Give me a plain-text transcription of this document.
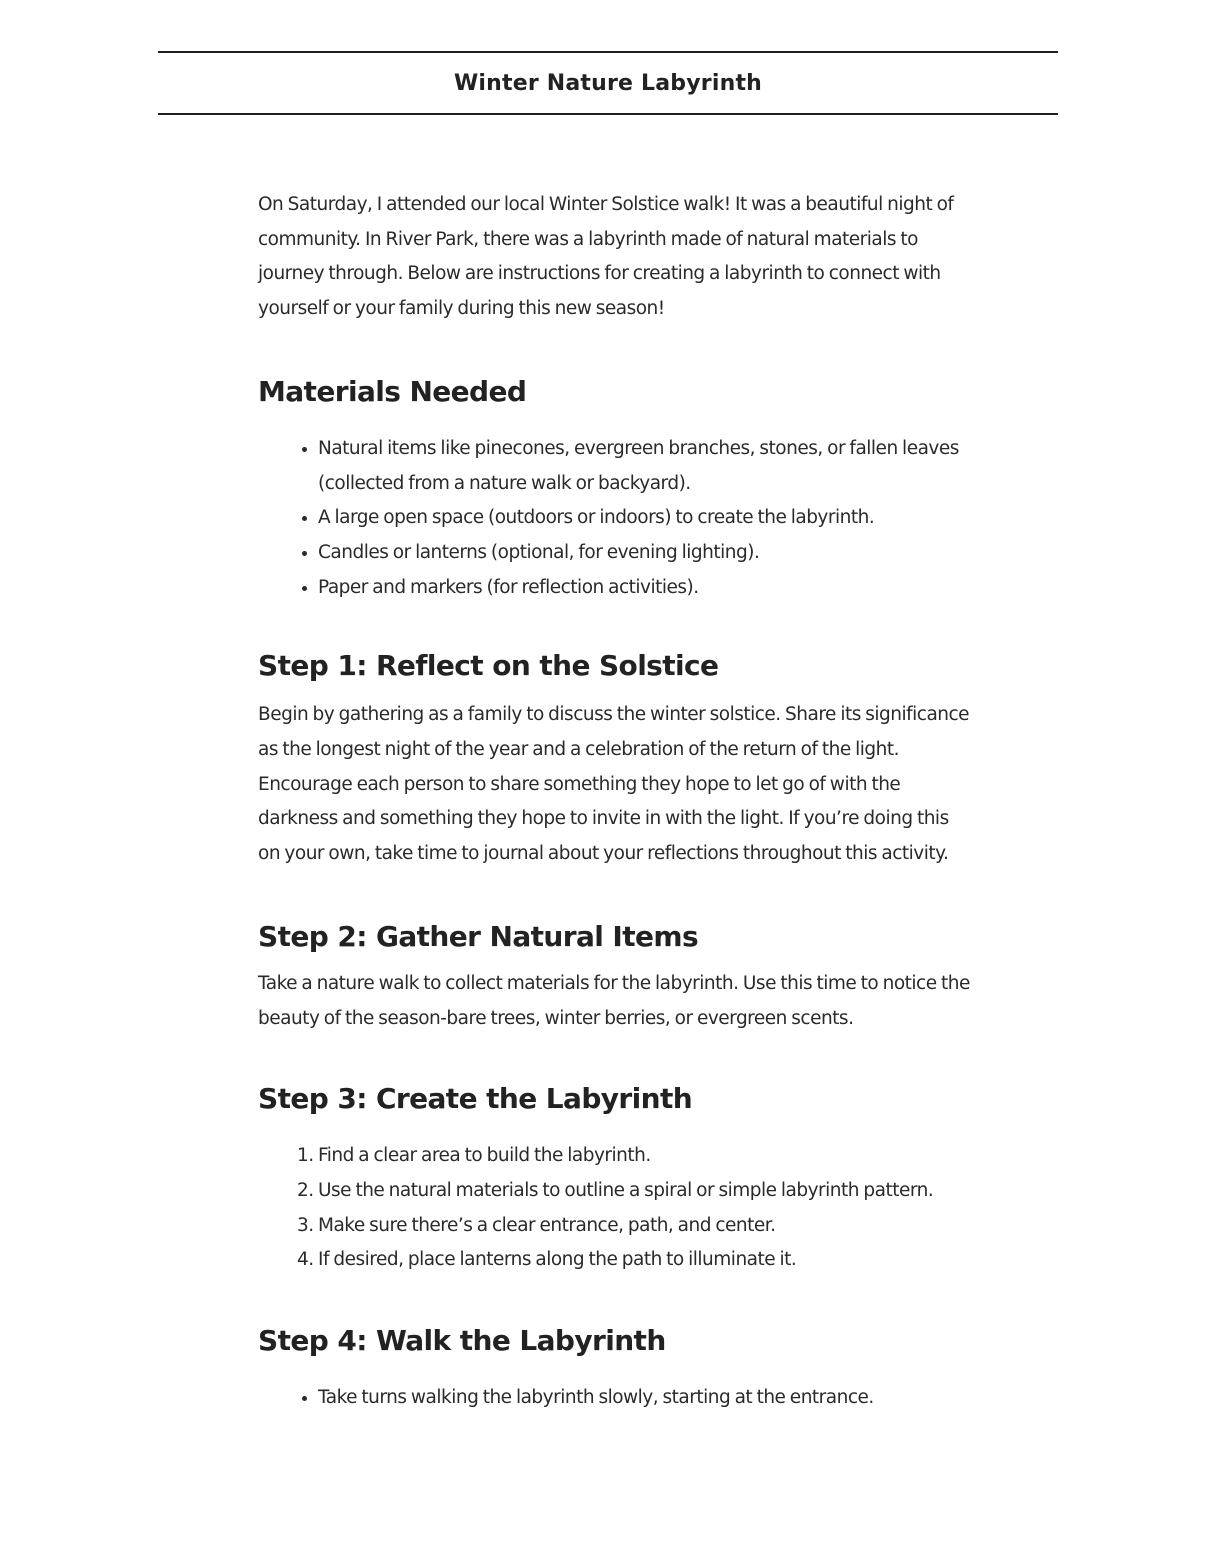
Winter Nature Labyrinth

On Saturday, I attended our local Winter Solstice walk! It was a beautiful night of community. In River Park, there was a labyrinth made of natural materials to journey through. Below are instructions for creating a labyrinth to connect with yourself or your family during this new season!

Materials Needed
• Natural items like pinecones, evergreen branches, stones, or fallen leaves (collected from a nature walk or backyard).
• A large open space (outdoors or indoors) to create the labyrinth.
• Candles or lanterns (optional, for evening lighting).
• Paper and markers (for reflection activities).
Step 1: Reflect on the Solstice

Begin by gathering as a family to discuss the winter solstice. Share its significance as the longest night of the year and a celebration of the return of the light. Encourage each person to share something they hope to let go of with the darkness and something they hope to invite in with the light. If you’re doing this on your own, take time to journal about your reflections throughout this activity.

Step 2: Gather Natural Items

Take a nature walk to collect materials for the labyrinth. Use this time to notice the beauty of the season-bare trees, winter berries, or evergreen scents.

Step 3: Create the Labyrinth
1. Find a clear area to build the labyrinth.
2. Use the natural materials to outline a spiral or simple labyrinth pattern.
3. Make sure there’s a clear entrance, path, and center.
4. If desired, place lanterns along the path to illuminate it.
Step 4: Walk the Labyrinth
• Take turns walking the labyrinth slowly, starting at the entrance.
